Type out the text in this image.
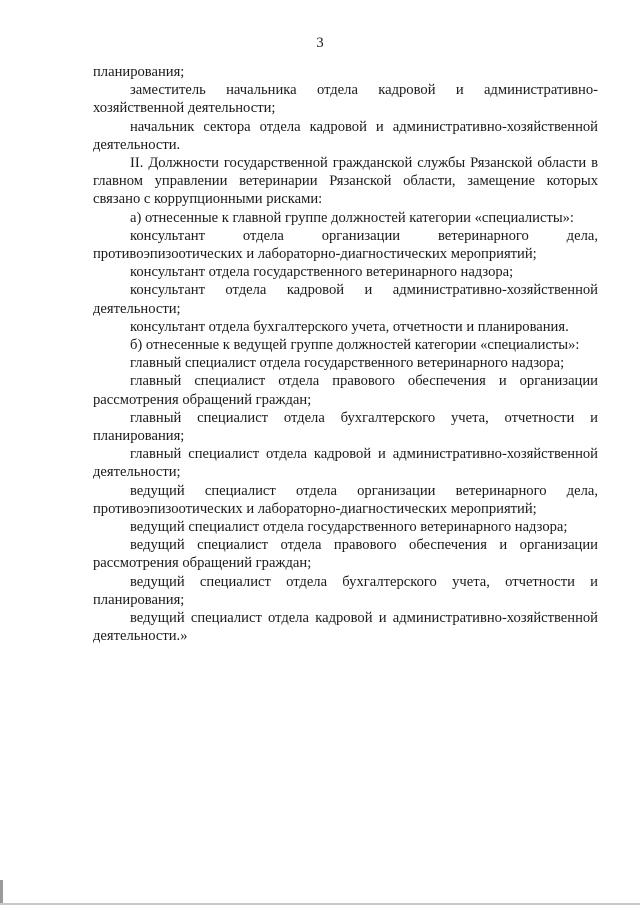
3

планирования;

заместитель начальника отдела кадровой и административно-хозяйственной деятельности;

начальник сектора отдела кадровой и административно-хозяйственной деятельности.

II. Должности государственной гражданской службы Рязанской области в главном управлении ветеринарии Рязанской области, замещение которых связано с коррупционными рисками:

а) отнесенные к главной группе должностей категории «специалисты»:

консультант отдела организации ветеринарного дела, противоэпизоотических и лабораторно-диагностических мероприятий;

консультант отдела государственного ветеринарного надзора;

консультант отдела кадровой и административно-хозяйственной деятельности;

консультант отдела бухгалтерского учета, отчетности и планирования.

б) отнесенные к ведущей группе должностей категории «специалисты»:

главный специалист отдела государственного ветеринарного надзора;

главный специалист отдела правового обеспечения и организации рассмотрения обращений граждан;

главный специалист отдела бухгалтерского учета, отчетности и планирования;

главный специалист отдела кадровой и административно-хозяйственной деятельности;

ведущий специалист отдела организации ветеринарного дела, противоэпизоотических и лабораторно-диагностических мероприятий;

ведущий специалист отдела государственного ветеринарного надзора;

ведущий специалист отдела правового обеспечения и организации рассмотрения обращений граждан;

ведущий специалист отдела бухгалтерского учета, отчетности и планирования;

ведущий специалист отдела кадровой и административно-хозяйственной деятельности.»
